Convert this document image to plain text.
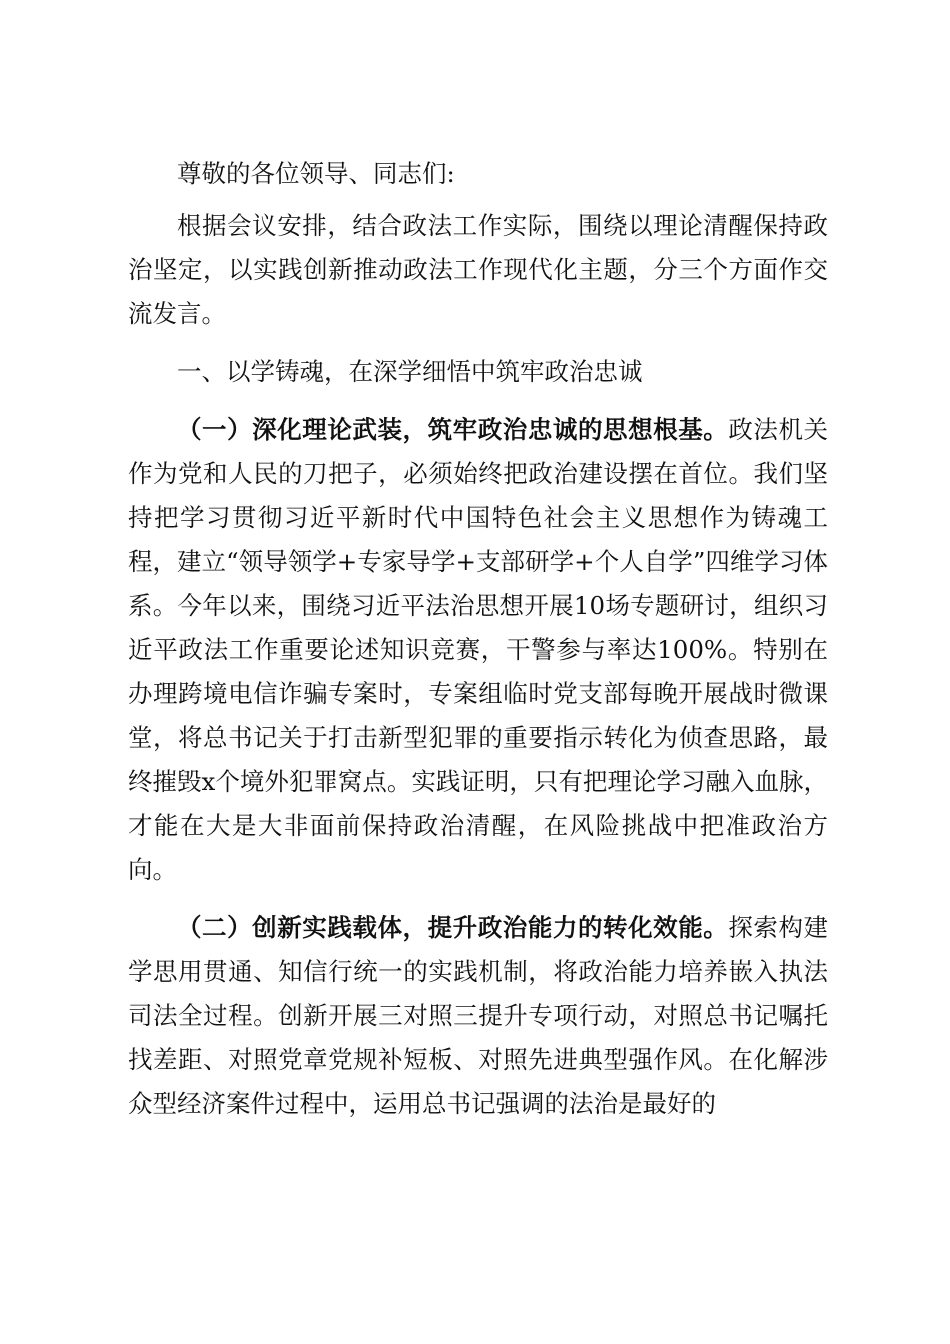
尊敬的各位领导、同志们:

根据会议安排，结合政法工作实际，围绕以理论清醒保持政治坚定，以实践创新推动政法工作现代化主题，分三个方面作交流发言。

一、以学铸魂，在深学细悟中筑牢政治忠诚

（一）深化理论武装，筑牢政治忠诚的思想根基。政法机关作为党和人民的刀把子，必须始终把政治建设摆在首位。我们坚持把学习贯彻习近平新时代中国特色社会主义思想作为铸魂工程，建立“领导领学+专家导学+支部研学+个人自学”四维学习体系。今年以来，围绕习近平法治思想开展10场专题研讨，组织习近平政法工作重要论述知识竞赛，干警参与率达100%。特别在办理跨境电信诈骗专案时，专案组临时党支部每晚开展战时微课堂，将总书记关于打击新型犯罪的重要指示转化为侦查思路，最终摧毁x个境外犯罪窝点。实践证明，只有把理论学习融入血脉，才能在大是大非面前保持政治清醒，在风险挑战中把准政治方向。

（二）创新实践载体，提升政治能力的转化效能。探索构建学思用贯通、知信行统一的实践机制，将政治能力培养嵌入执法司法全过程。创新开展三对照三提升专项行动，对照总书记嘱托找差距、对照党章党规补短板、对照先进典型强作风。在化解涉众型经济案件过程中，运用总书记强调的法治是最好的
